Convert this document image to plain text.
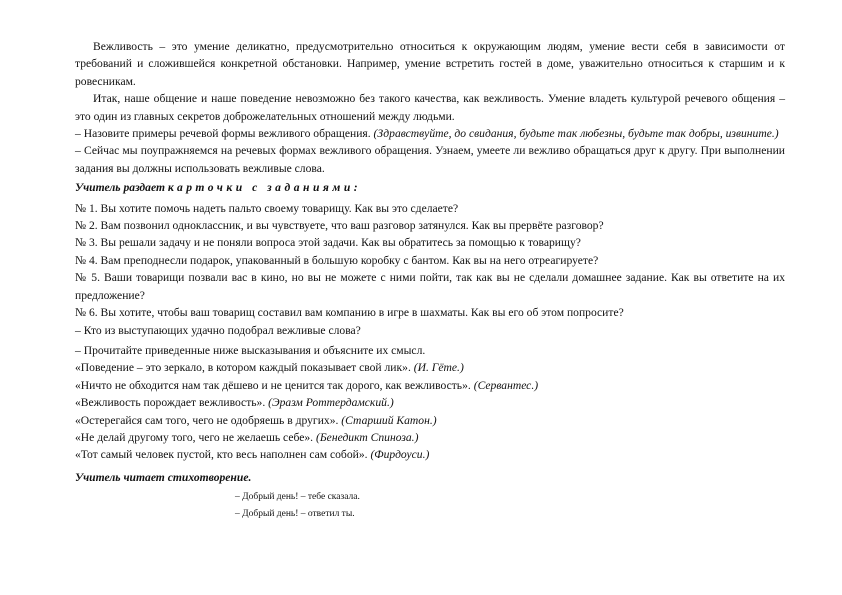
Вежливость – это умение деликатно, предусмотрительно относиться к окружающим людям, умение вести себя в зависимости от требований и сложившейся конкретной обстановки. Например, умение встретить гостей в доме, уважительно относиться к старшим и к ровесникам.

Итак, наше общение и наше поведение невозможно без такого качества, как вежливость. Умение владеть культурой речевого общения – это один из главных секретов доброжелательных отношений между людьми.

– Назовите примеры речевой формы вежливого обращения. (Здравствуйте, до свидания, будьте так любезны, будьте так добры, извините.)

– Сейчас мы поупражняемся на речевых формах вежливого обращения. Узнаем, умеете ли вежливо обращаться друг к другу. При выполнении задания вы должны использовать вежливые слова.

Учитель раздает карточки с заданиями:

№ 1. Вы хотите помочь надеть пальто своему товарищу. Как вы это сделаете?

№ 2. Вам позвонил одноклассник, и вы чувствуете, что ваш разговор затянулся. Как вы прервёте разговор?

№ 3. Вы решали задачу и не поняли вопроса этой задачи. Как вы обратитесь за помощью к товарищу?

№ 4. Вам преподнесли подарок, упакованный в большую коробку с бантом. Как вы на него отреагируете?

№ 5. Ваши товарищи позвали вас в кино, но вы не можете с ними пойти, так как вы не сделали домашнее задание. Как вы ответите на их предложение?

№ 6. Вы хотите, чтобы ваш товарищ составил вам компанию в игре в шахматы. Как вы его об этом попросите?

– Кто из выступающих удачно подобрал вежливые слова?

– Прочитайте приведенные ниже высказывания и объясните их смысл.

«Поведение – это зеркало, в котором каждый показывает свой лик». (И. Гёте.)

«Ничто не обходится нам так дёшево и не ценится так дорого, как вежливость». (Сервантес.)

«Вежливость порождает вежливость». (Эразм Роттердамский.)

«Остерегайся сам того, чего не одобряешь в других». (Старший Катон.)

«Не делай другому того, чего не желаешь себе». (Бенедикт Спиноза.)

«Тот самый человек пустой, кто весь наполнен сам собой». (Фирдоуси.)

Учитель читает стихотворение.

– Добрый день! – тебе сказала.
– Добрый день! – ответил ты.
